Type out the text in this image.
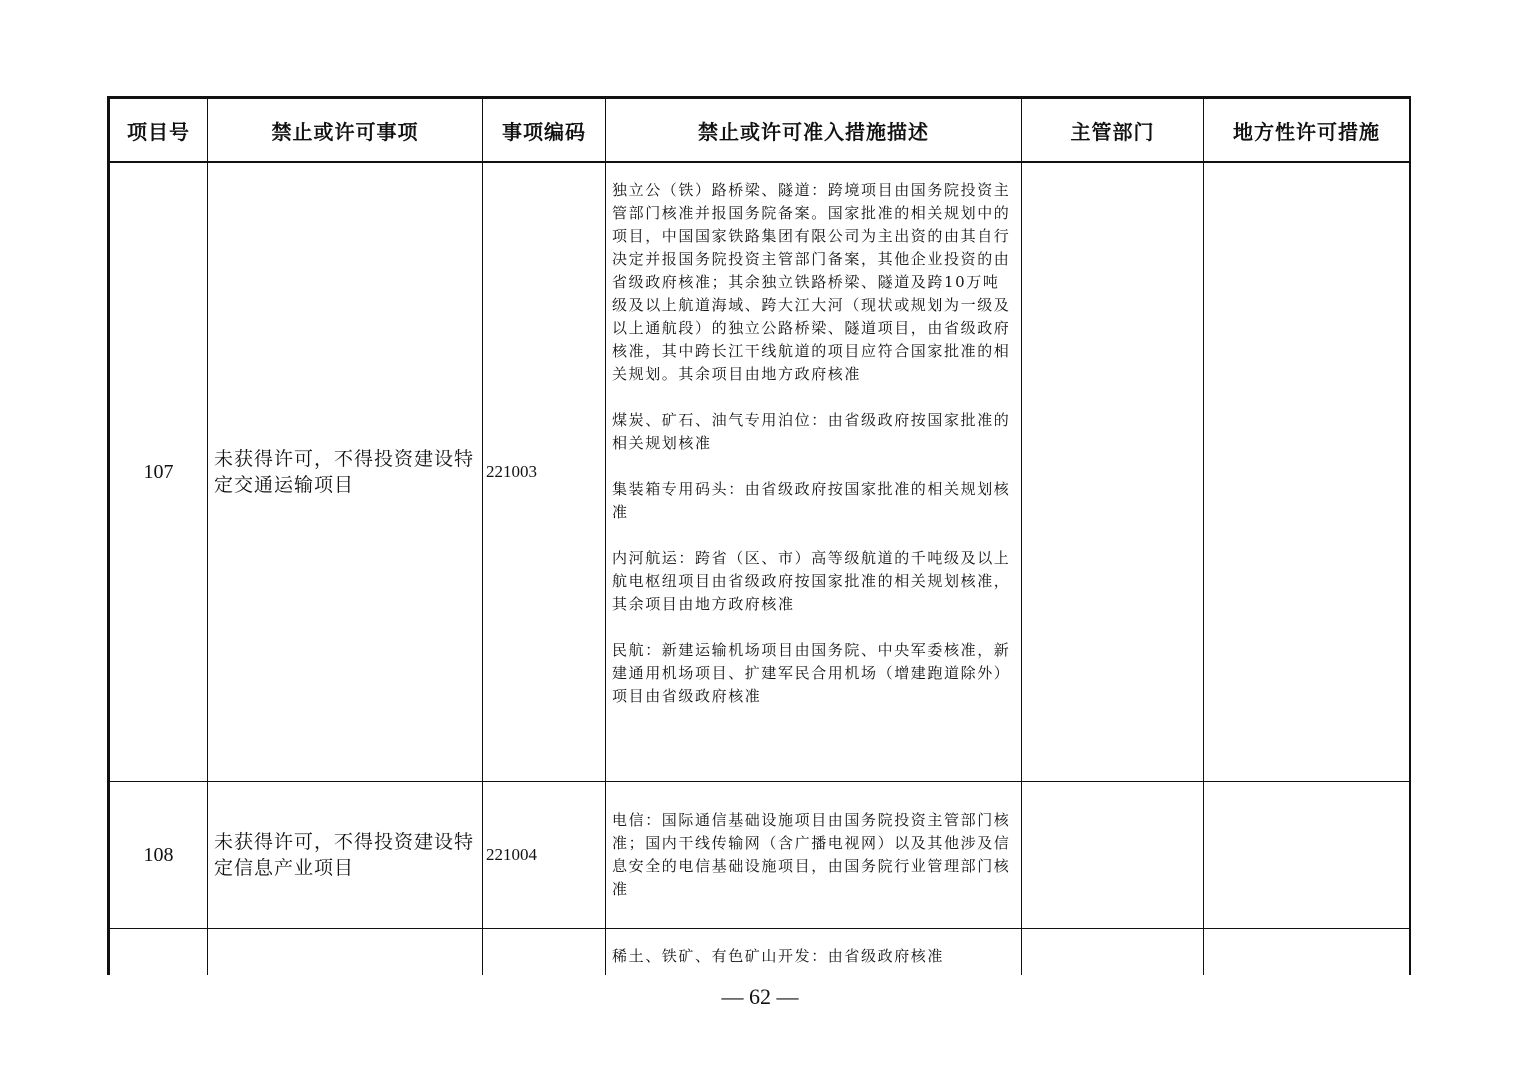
项目号	禁止或许可事项	事项编码	禁止或许可准入措施描述	主管部门	地方性许可措施
107	未获得许可，不得投资建设特定交通运输项目	221003	独立公（铁）路桥梁、隧道：跨境项目由国务院投资主管部门核准并报国务院备案。国家批准的相关规划中的项目，中国国家铁路集团有限公司为主出资的由其自行决定并报国务院投资主管部门备案，其他企业投资的由省级政府核准；其余独立铁路桥梁、隧道及跨10万吨级及以上航道海域、跨大江大河（现状或规划为一级及以上通航段）的独立公路桥梁、隧道项目，由省级政府核准，其中跨长江干线航道的项目应符合国家批准的相关规划。其余项目由地方政府核准

煤炭、矿石、油气专用泊位：由省级政府按国家批准的相关规划核准

集装箱专用码头：由省级政府按国家批准的相关规划核准

内河航运：跨省（区、市）高等级航道的千吨级及以上航电枢纽项目由省级政府按国家批准的相关规划核准，其余项目由地方政府核准

民航：新建运输机场项目由国务院、中央军委核准，新建通用机场项目、扩建军民合用机场（增建跑道除外）项目由省级政府核准		

108	未获得许可，不得投资建设特定信息产业项目	221004	电信：国际通信基础设施项目由国务院投资主管部门核准；国内干线传输网（含广播电视网）以及其他涉及信息安全的电信基础设施项目，由国务院行业管理部门核准		

			稀土、铁矿、有色矿山开发：由省级政府核准		

— 62 —
